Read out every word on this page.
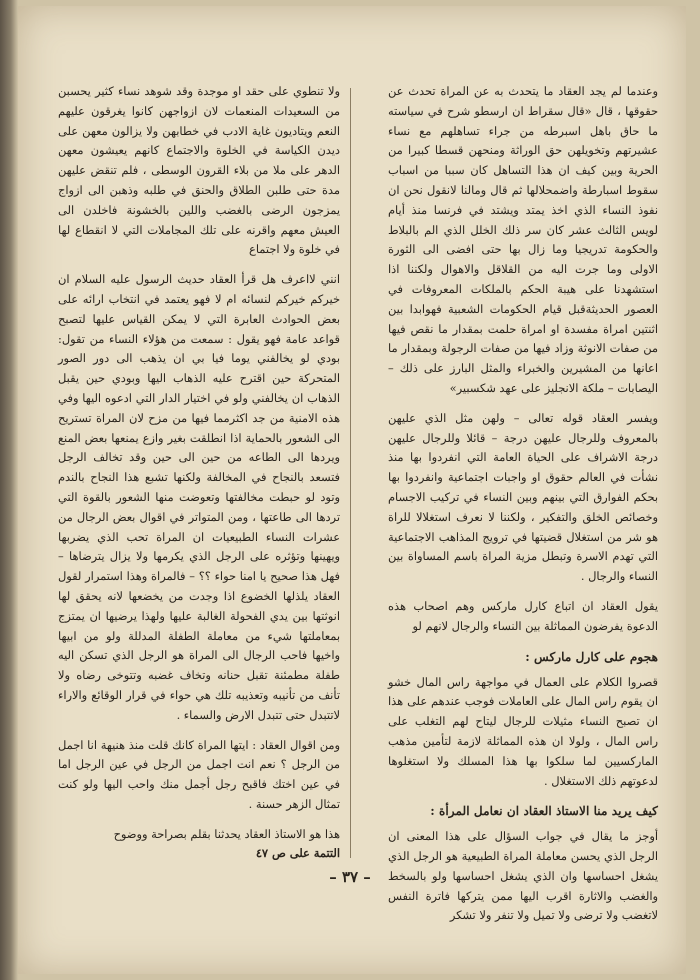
وعندما لم يجد العقاد ما يتحدث به عن المراة تحدث عن حقوقها ، قال «قال سقراط ان ارسطو شرح في سياسته ما حاق باهل اسبرطه من جراء تساهلهم مع نساء عشيرتهم وتخويلهن حق الوراثة ومنحهن قسطا كبيرا من الحرية وبين كيف ان هذا التساهل كان سببا من اسباب سقوط اسبارطة واضمحلالها ثم قال ومالنا لانقول نحن ان نفوذ النساء الذي اخذ يمتد ويشتد في فرنسا منذ أيام لويس الثالث عشر كان سر ذلك الخلل الذي الم بالبلاط والحكومة تدريجيا وما زال بها حتى افضى الى الثورة الاولى وما جرت اليه من القلاقل والاهوال ولكننا اذا استشهدنا على هيبة الحكم بالملكات المعروفات في العصور الحديثةقبل قيام الحكومات الشعبية فهوابدا بين اثنتين امراة مفسدة او امراة حلمت بمقدار ما نقص فيها من صفات الانوثة وزاد فيها من صفات الرجولة وبمقدار ما اعانها من المشيرين والخبراء والمثل البارز على ذلك – اليصابات – ملكة الانجليز على عهد شكسبير»

ويفسر العقاد قوله تعالى – ولهن مثل الذي عليهن بالمعروف وللرجال عليهن درجة – قائلا وللرجال عليهن درجة الاشراف على الحياة العامة التي انفردوا بها منذ نشأت في العالم حقوق او واجبات اجتماعية وانفردوا بها بحكم الفوارق التي بينهم وبين النساء في تركيب الاجسام وخصائص الخلق والتفكير ، ولكننا لا نعرف استغلالا للراة هو شر من استغلال قضيتها في ترويج المذاهب الاجتماعية التي تهدم الاسرة وتبطل مزية المراة باسم المساواة بين النساء والرجال .

يقول العقاد ان اتباع كارل ماركس وهم اصحاب هذه الدعوة يفرضون المماثلة بين النساء والرجال لانهم لو

هجوم على كارل ماركس :

قصروا الكلام على العمال في مواجهة راس المال خشو ان يقوم راس المال على العاملات فوجب عندهم على هذا ان تصبح النساء مثيلات للرجال ليتاح لهم التغلب على راس المال ، ولولا ان هذه المماثلة لازمة لتأمين مذهب الماركسيين لما سلكوا بها هذا المسلك ولا استغلوها لدعوتهم ذلك الاستغلال .

كيف يريد منا الاستاذ العقاد ان نعامل المرأة :

أوجز ما يقال في جواب السؤال على هذا المعنى ان الرجل الذي يحسن معاملة المراة الطبيعية هو الرجل الذي يشغل احساسها وان الذي يشغل احساسها ولو بالسخط والغضب والاثارة اقرب اليها ممن يتركها فاترة النفس لاتغضب ولا ترضى ولا تميل ولا تنفر ولا تشكر

ولا تنطوي على حقد او موجدة وقد شوهد نساء كثير يحسبن من السعيدات المنعمات لان ازواجهن كانوا يغرقون عليهم النعم ويتاديون غاية الادب في خطابهن ولا يزالون معهن على ديدن الكياسة في الخلوة والاجتماع كانهم يعيشون معهن الدهر على ملا من بلاء القرون الوسطى ، فلم تنقض عليهن مدة حتى طلبن الطلاق والحنق في طلبه وذهبن الى ازواج يمزجون الرضى بالغضب واللين بالخشونة فاخلدن الى العيش معهم واقرنه على تلك المجاملات التي لا انقطاع لها في خلوة ولا اجتماع

انني لااعرف هل قرأ العقاد حديث الرسول عليه السلام ان خيركم خيركم لنسائه ام لا فهو يعتمد في انتخاب ارائه على بعض الحوادث العابرة التي لا يمكن القياس عليها لتصبح قواعد عامة فهو يقول : سمعت من هؤلاء النساء من تقول: بودي لو يخالفني يوما فيا بي ان يذهب الى دور الصور المتحركة حين اقترح عليه الذهاب اليها وبودي حين يقبل الذهاب ان يخالفني ولو في اختيار الدار التي ادعوه اليها وفي هذه الامنية من جد اكثرمما فيها من مزح لان المراة تستريح الى الشعور بالحماية اذا انطلقت بغير وازع يمنعها بعض المنع ويردها الى الطاعه من حين الى حين وقد تخالف الرجل فتسعد بالنجاح في المخالفة ولكنها تشبع هذا النجاح بالندم وتود لو حبطت مخالفتها وتعوضت منها الشعور بالقوة التي تردها الى طاعتها ، ومن المتواتر في اقوال بعض الرجال من عشرات النساء الطبيعيات ان المراة تحب الذي يضربها ويهينها وتؤثره على الرجل الذي يكرمها ولا يزال يترضاها – فهل هذا صحيح يا امنا حواء ؟؟ – فالمراة وهذا استمرار لقول العقاد يلذلها الخضوع اذا وجدت من يخضعها لانه يحقق لها انوثتها بين يدي الفحولة الغالبة عليها ولهذا يرضيها ان يمتزج بمعاملتها شيء من معاملة الطفلة المدللة ولو من ابيها واخيها فاحب الرجال الى المراة هو الرجل الذي تسكن اليه طفلة مطمئنة تقبل حنانه وتخاف غضبه وتتوخى رضاه ولا تأنف من تأنيبه وتعذيبه تلك هي حواء في قرار الوقائع والاراء لاتتبدل حتى تتبدل الارض والسماء .

ومن اقوال العقاد : ايتها المراة كانك قلت منذ هنيهة انا اجمل من الرجل ؟ نعم انت اجمل من الرجل في عين الرجل اما في عين اختك فاقبح رجل أجمل منك واحب اليها ولو كنت تمثال الزهر حسنة .

هذا هو الاستاذ العقاد يحدثنا بقلم بصراحة ووضوح

التتمة على ص ٤٧

– ٣٧ –
